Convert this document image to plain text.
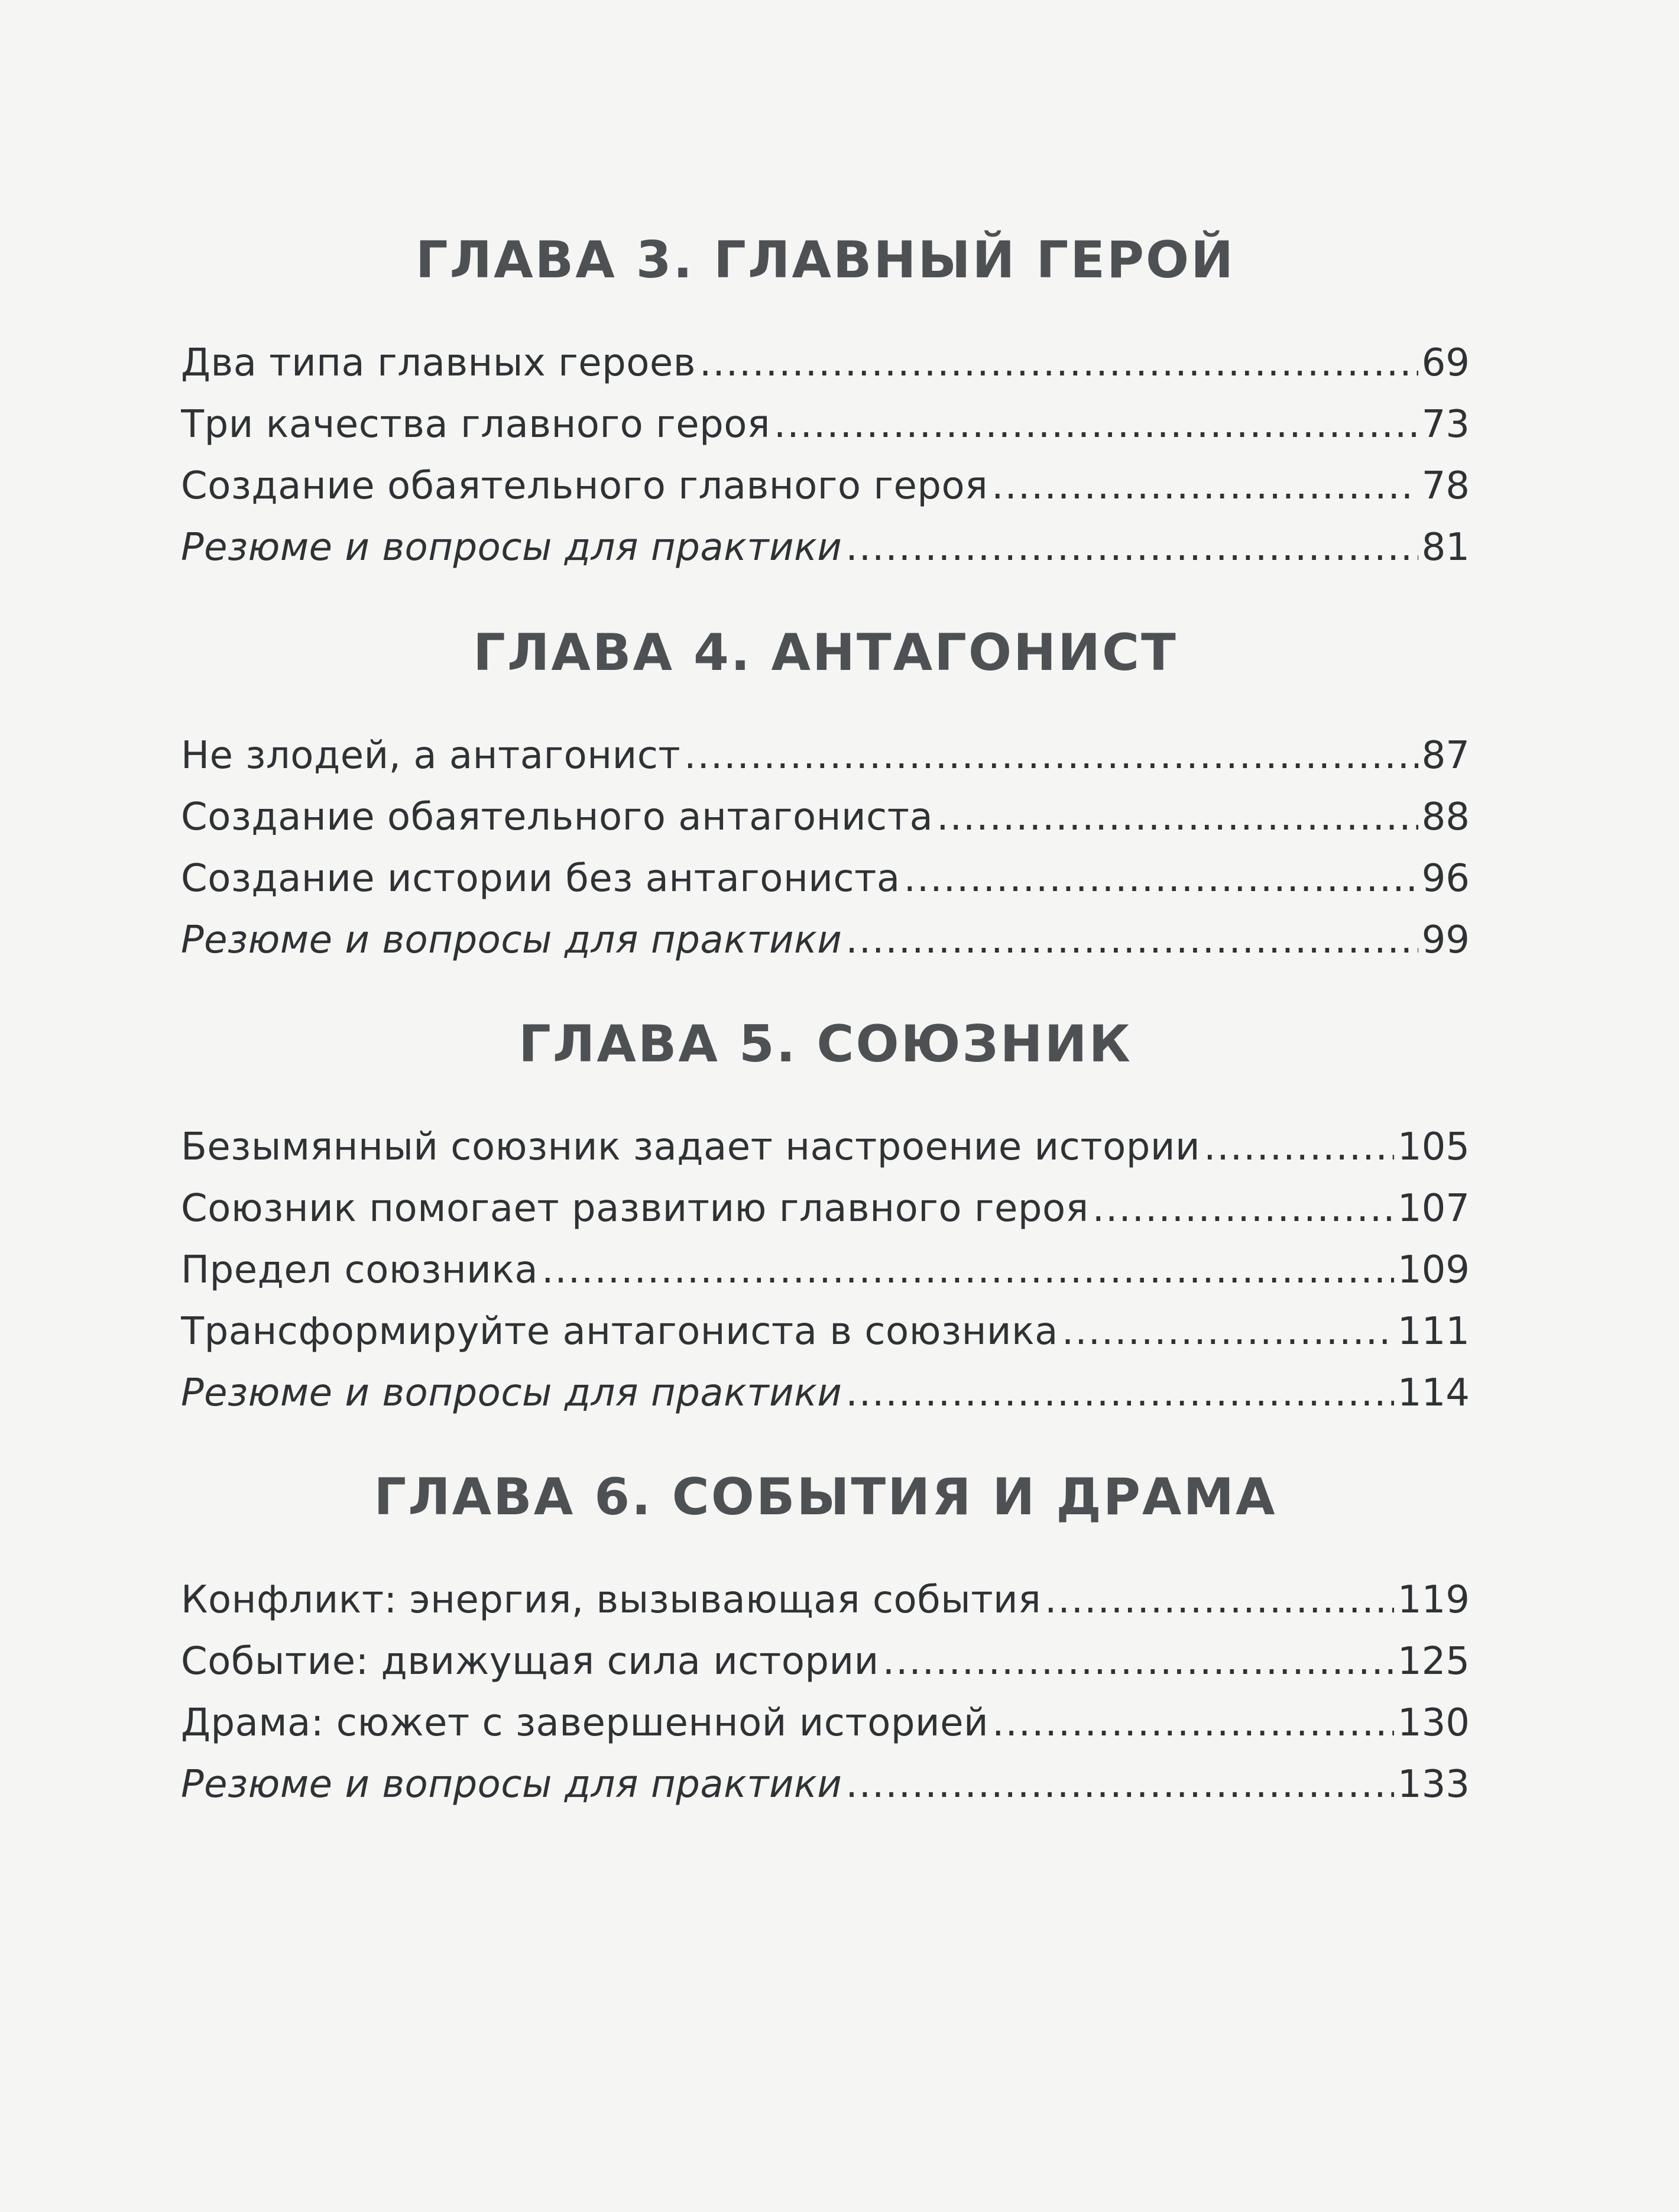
ГЛАВА 3. ГЛАВНЫЙ ГЕРОЙ
Два типа главных героев .....	69
Три качества главного героя .....	73
Создание обаятельного главного героя .....	78
Резюме и вопросы для практики .....	81
ГЛАВА 4. АНТАГОНИСТ
Не злодей, а антагонист .....	87
Создание обаятельного антагониста .....	88
Создание истории без антагониста .....	96
Резюме и вопросы для практики .....	99
ГЛАВА 5. СОЮЗНИК
Безымянный союзник задает настроение истории .....	105
Союзник помогает развитию главного героя .....	107
Предел союзника .....	109
Трансформируйте антагониста в союзника .....	111
Резюме и вопросы для практики .....	114
ГЛАВА 6. СОБЫТИЯ И ДРАМА
Конфликт: энергия, вызывающая события .....	119
Событие: движущая сила истории .....	125
Драма: сюжет с завершенной историей .....	130
Резюме и вопросы для практики .....	133
